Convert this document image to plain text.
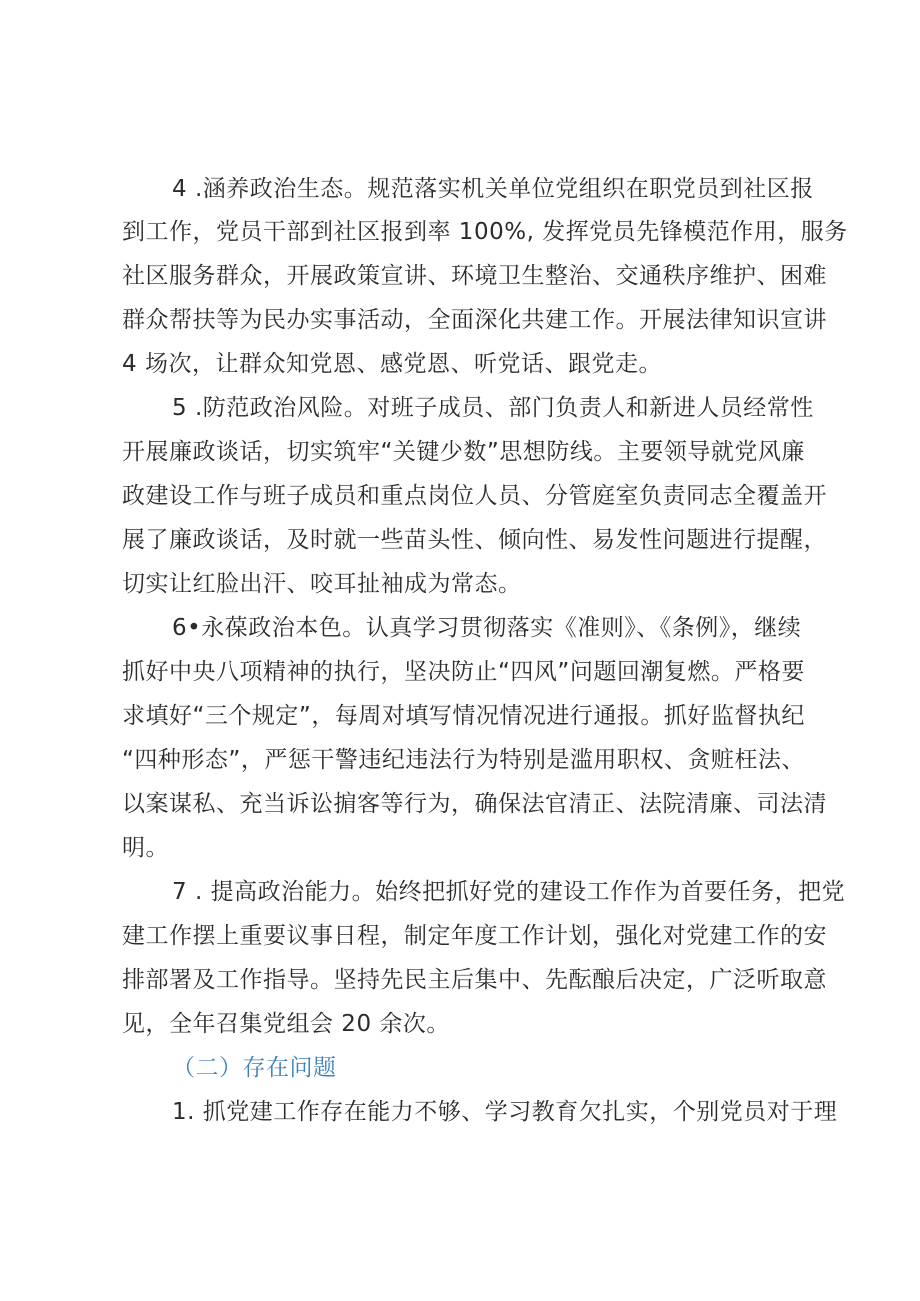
4 .涵养政治生态。规范落实机关单位党组织在职党员到社区报
到工作，党员干部到社区报到率 100%, 发挥党员先锋模范作用，服务
社区服务群众，开展政策宣讲、环境卫生整治、交通秩序维护、困难
群众帮扶等为民办实事活动，全面深化共建工作。开展法律知识宣讲
4 场次，让群众知党恩、感党恩、听党话、跟党走。
5 .防范政治风险。对班子成员、部门负责人和新进人员经常性
开展廉政谈话，切实筑牢“关键少数”思想防线。主要领导就党风廉
政建设工作与班子成员和重点岗位人员、分管庭室负责同志全覆盖开
展了廉政谈话，及时就一些苗头性、倾向性、易发性问题进行提醒，
切实让红脸出汗、咬耳扯袖成为常态。
6•永葆政治本色。认真学习贯彻落实《准则》、《条例》，继续
抓好中央八项精神的执行，坚决防止“四风”问题回潮复燃。严格要
求填好“三个规定”，每周对填写情况情况进行通报。抓好监督执纪
“四种形态”，严惩干警违纪违法行为特别是滥用职权、贪赃枉法、
以案谋私、充当诉讼掮客等行为，确保法官清正、法院清廉、司法清
明。
7 . 提高政治能力。始终把抓好党的建设工作作为首要任务，把党
建工作摆上重要议事日程，制定年度工作计划，强化对党建工作的安
排部署及工作指导。坚持先民主后集中、先酝酿后决定，广泛听取意
见，全年召集党组会 20 余次。
（二）存在问题
1. 抓党建工作存在能力不够、学习教育欠扎实，个别党员对于理
